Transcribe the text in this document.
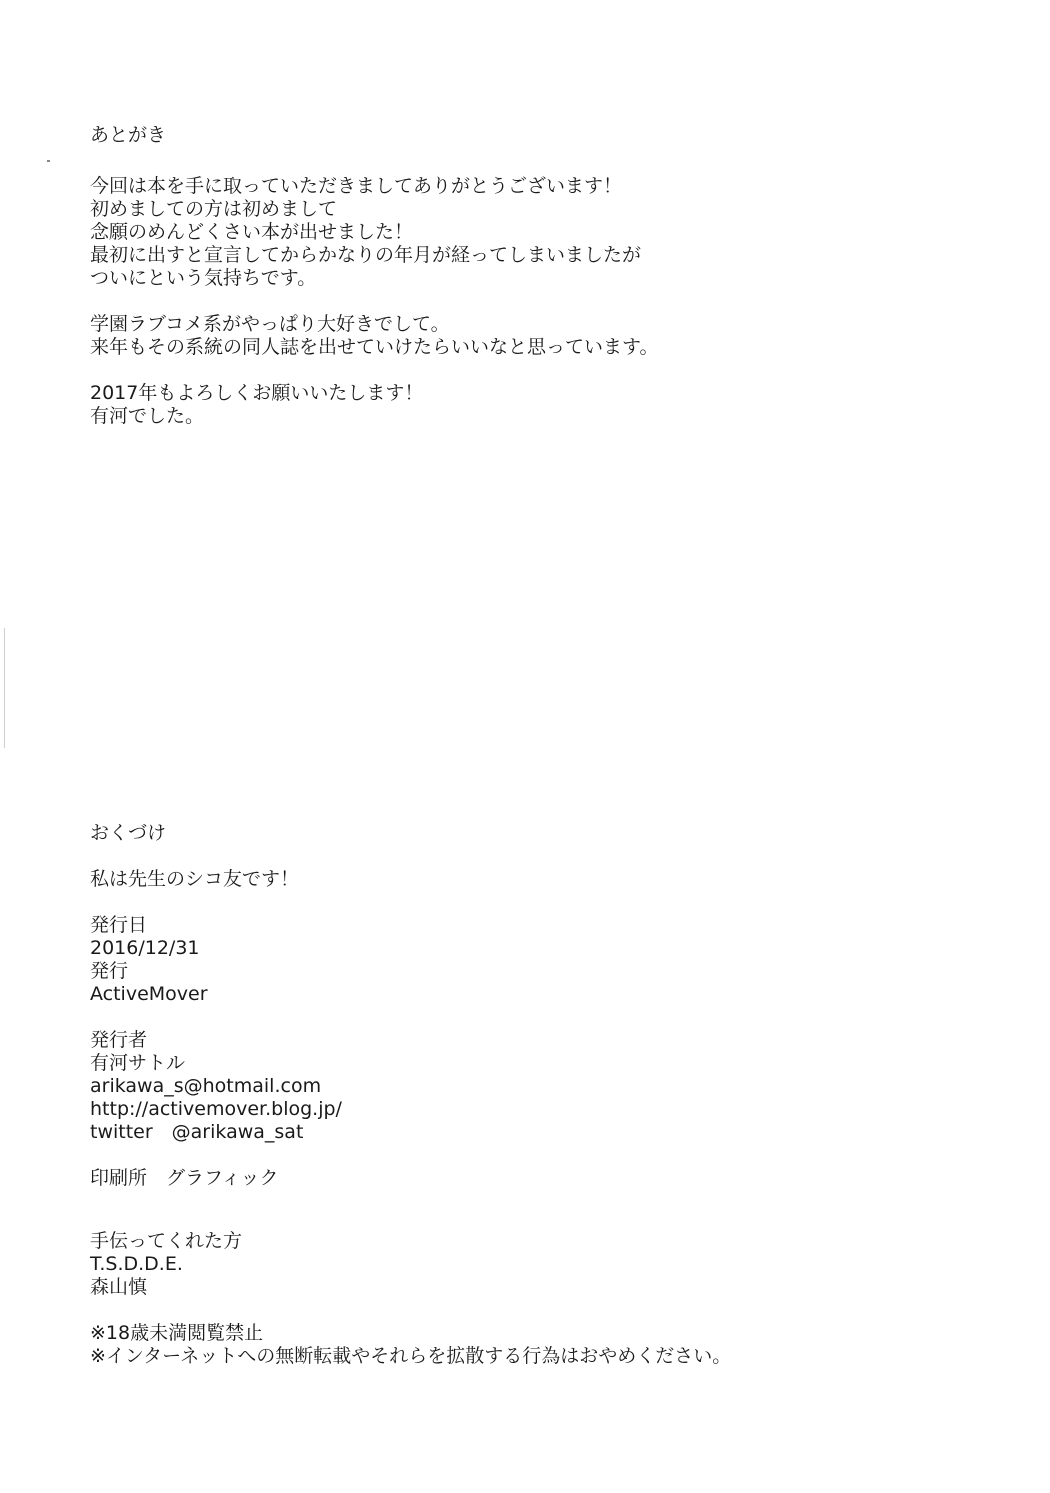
あとがき
今回は本を手に取っていただきましてありがとうございます！
初めましての方は初めまして
念願のめんどくさい本が出せました！
最初に出すと宣言してからかなりの年月が経ってしまいましたが
ついにという気持ちです。
学園ラブコメ系がやっぱり大好きでして。
来年もその系統の同人誌を出せていけたらいいなと思っています。
2017年もよろしくお願いいたします！
有河でした。
おくづけ
私は先生のシコ友です！
発行日
2016/12/31
発行
ActiveMover
発行者
有河サトル
arikawa_s@hotmail.com
http://activemover.blog.jp/
twitter　@arikawa_sat
印刷所　グラフィック
手伝ってくれた方
T.S.D.D.E.
森山慎
※18歳未満閲覧禁止
※インターネットへの無断転載やそれらを拡散する行為はおやめください。
